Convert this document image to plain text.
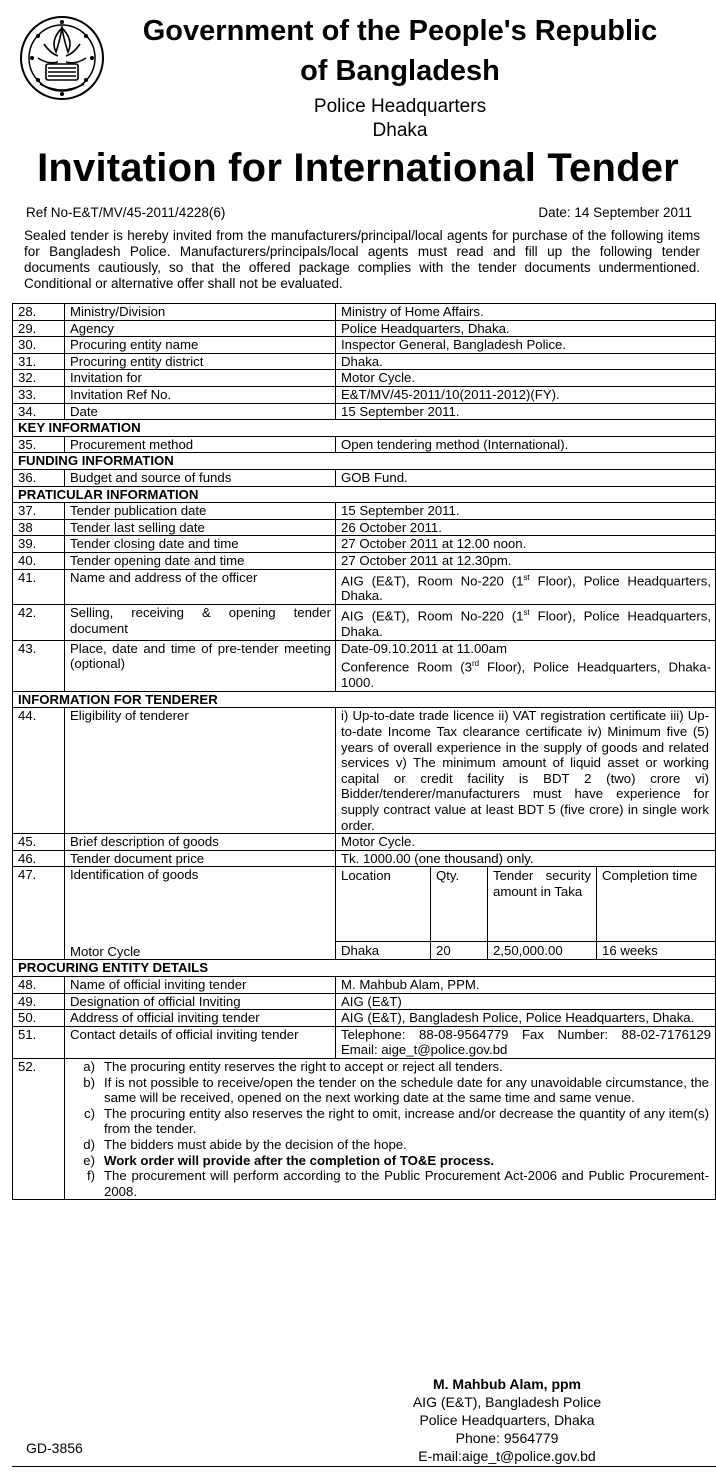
Government of the People's Republic
of Bangladesh
Police Headquarters
Dhaka
Invitation for International Tender
Ref No-E&T/MV/45-2011/4228(6)	Date: 14 September 2011
Sealed tender is hereby invited from the manufacturers/principal/local agents for purchase of the following items for Bangladesh Police. Manufacturers/principals/local agents must read and fill up the following tender documents cautiously, so that the offered package complies with the tender documents undermentioned. Conditional or alternative offer shall not be evaluated.
28.	Ministry/Division	Ministry of Home Affairs.
29.	Agency	Police Headquarters, Dhaka.
30.	Procuring entity name	Inspector General, Bangladesh Police.
31.	Procuring entity district	Dhaka.
32.	Invitation for	Motor Cycle.
33.	Invitation Ref No.	E&T/MV/45-2011/10(2011-2012)(FY).
34.	Date	15 September 2011.
KEY INFORMATION
35.	Procurement method	Open tendering method (International).
FUNDING INFORMATION
36.	Budget and source of funds	GOB Fund.
PRATICULAR INFORMATION
37.	Tender publication date	15 September 2011.
38	Tender last selling date	26 October 2011.
39.	Tender closing date and time	27 October 2011 at 12.00 noon.
40.	Tender opening date and time	27 October 2011 at 12.30pm.
41.	Name and address of the officer	AIG (E&T), Room No-220 (1st Floor), Police Headquarters, Dhaka.
42.	Selling, receiving & opening tender document	AIG (E&T), Room No-220 (1st Floor), Police Headquarters, Dhaka.
43.	Place, date and time of pre-tender meeting (optional)	
Date-09.10.2011 at 11.00am
Conference Room (3rd Floor), Police Headquarters, Dhaka-1000.
INFORMATION FOR TENDERER
44.	Eligibility of tenderer	i) Up-to-date trade licence ii) VAT registration certificate iii) Up-to-date Income Tax clearance certificate iv) Minimum five (5) years of overall experience in the supply of goods and related services v) The minimum amount of liquid asset or working capital or credit facility is BDT 2 (two) crore vi) Bidder/tenderer/manufacturers must have experience for supply contract value at least BDT 5 (five crore) in single work order.
45.	Brief description of goods	Motor Cycle.
46.	Tender document price	Tk. 1000.00 (one thousand) only.
47.	Identification of goods
Motor Cycle

Location	Qty.	Tender security amount in Taka	Completion time
Dhaka	20	2,50,000.00	16 weeks

PROCURING ENTITY DETAILS
48.	Name of official inviting tender	M. Mahbub Alam, PPM.
49.	Designation of official Inviting	AIG (E&T)
50.	Address of official inviting tender	AIG (E&T), Bangladesh Police, Police Headquarters, Dhaka.
51.	Contact details of official inviting tender	Telephone: 88-08-9564779 Fax Number: 88-02-7176129 Email: aige_t@police.gov.bd
52.	a) The procuring entity reserves the right to accept or reject all tenders.
b) If is not possible to receive/open the tender on the schedule date for any unavoidable circumstance, the same will be received, opened on the next working date at the same time and same venue.
c) The procuring entity also reserves the right to omit, increase and/or decrease the quantity of any item(s) from the tender.
d) The bidders must abide by the decision of the hope.
e) Work order will provide after the completion of TO&E process.
f) The procurement will perform according to the Public Procurement Act-2006 and Public Procurement-2008.
M. Mahbub Alam, ppm
AIG (E&T), Bangladesh Police
Police Headquarters, Dhaka
Phone: 9564779
E-mail:aige_t@police.gov.bd
GD-3856
